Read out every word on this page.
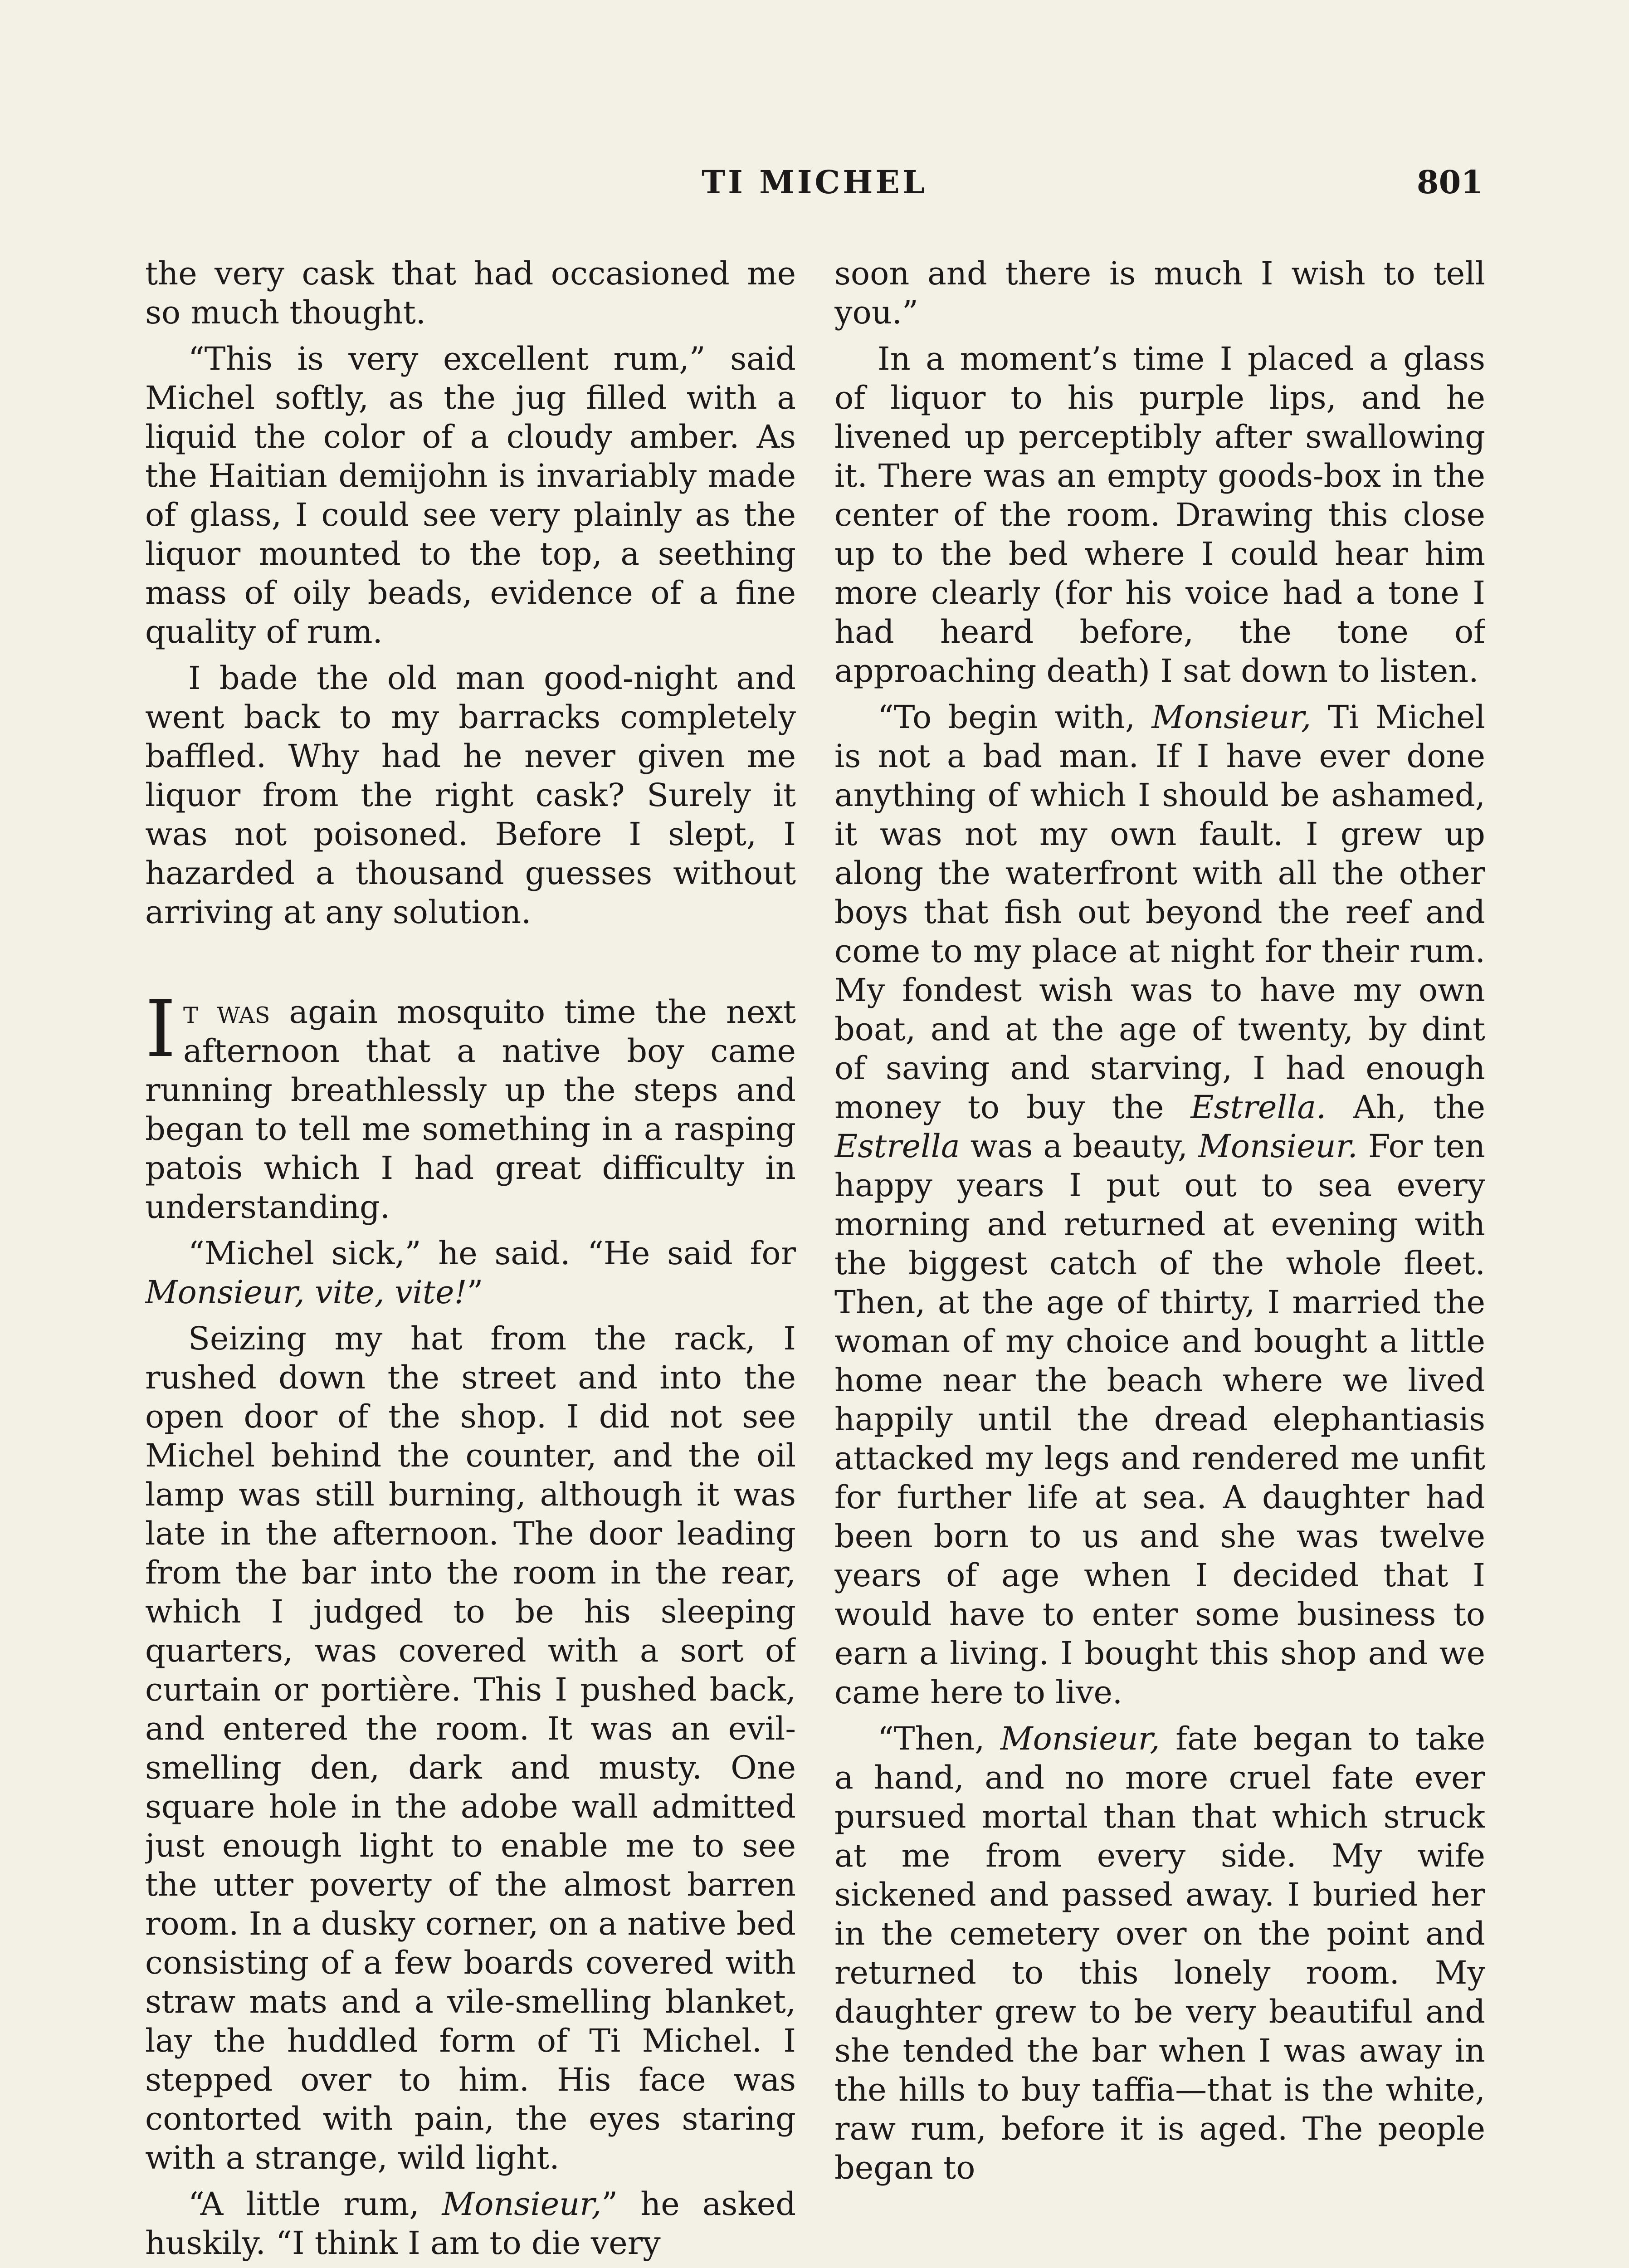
TI MICHEL	801

the very cask that had occasioned me so much thought.

“This is very excellent rum,” said Michel softly, as the jug filled with a liquid the color of a cloudy amber. As the Haitian demijohn is invariably made of glass, I could see very plainly as the liquor mounted to the top, a seething mass of oily beads, evidence of a fine quality of rum.

I bade the old man good-night and went back to my barracks completely baffled. Why had he never given me liquor from the right cask? Surely it was not poisoned. Before I slept, I hazarded a thousand guesses without arriving at any solution.

It was again mosquito time the next afternoon that a native boy came running breathlessly up the steps and began to tell me something in a rasping patois which I had great difficulty in understanding.

“Michel sick,” he said. “He said for Monsieur, vite, vite!”

Seizing my hat from the rack, I rushed down the street and into the open door of the shop. I did not see Michel behind the counter, and the oil lamp was still burning, although it was late in the afternoon. The door leading from the bar into the room in the rear, which I judged to be his sleeping quarters, was covered with a sort of curtain or portière. This I pushed back, and entered the room. It was an evil-smelling den, dark and musty. One square hole in the adobe wall admitted just enough light to enable me to see the utter poverty of the almost barren room. In a dusky corner, on a native bed consisting of a few boards covered with straw mats and a vile-smelling blanket, lay the huddled form of Ti Michel. I stepped over to him. His face was contorted with pain, the eyes staring with a strange, wild light.

“A little rum, Monsieur,” he asked huskily. “I think I am to die very

soon and there is much I wish to tell you.”

In a moment’s time I placed a glass of liquor to his purple lips, and he livened up perceptibly after swallowing it. There was an empty goods-box in the center of the room. Drawing this close up to the bed where I could hear him more clearly (for his voice had a tone I had heard before, the tone of approaching death) I sat down to listen.

“To begin with, Monsieur, Ti Michel is not a bad man. If I have ever done anything of which I should be ashamed, it was not my own fault. I grew up along the waterfront with all the other boys that fish out beyond the reef and come to my place at night for their rum. My fondest wish was to have my own boat, and at the age of twenty, by dint of saving and starving, I had enough money to buy the Estrella. Ah, the Estrella was a beauty, Monsieur. For ten happy years I put out to sea every morning and returned at evening with the biggest catch of the whole fleet. Then, at the age of thirty, I married the woman of my choice and bought a little home near the beach where we lived happily until the dread elephantiasis attacked my legs and rendered me unfit for further life at sea. A daughter had been born to us and she was twelve years of age when I decided that I would have to enter some business to earn a living. I bought this shop and we came here to live.

“Then, Monsieur, fate began to take a hand, and no more cruel fate ever pursued mortal than that which struck at me from every side. My wife sickened and passed away. I buried her in the cemetery over on the point and returned to this lonely room. My daughter grew to be very beautiful and she tended the bar when I was away in the hills to buy taffia—that is the white, raw rum, before it is aged. The people began to
